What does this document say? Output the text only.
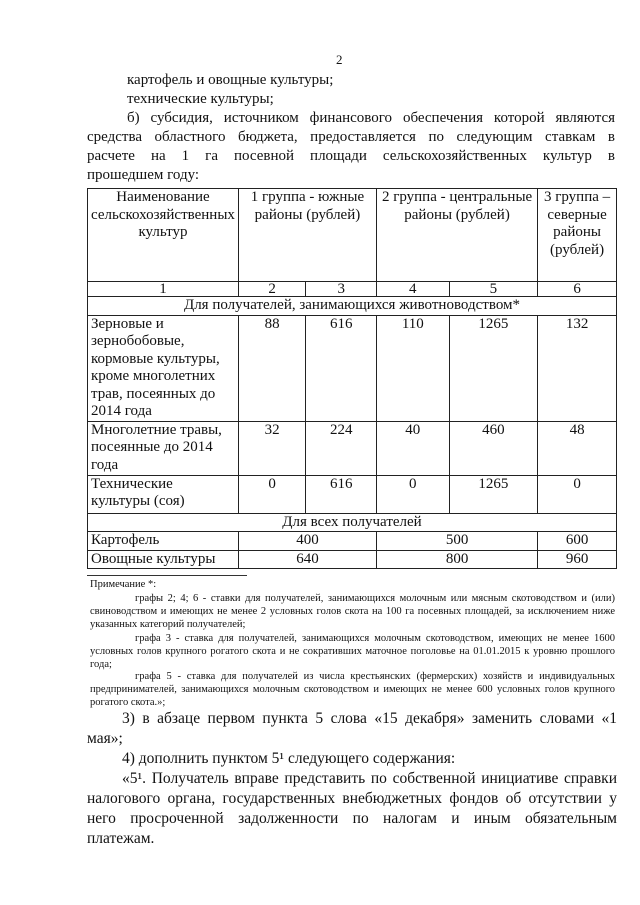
2
картофель и овощные культуры;
технические культуры;
б) субсидия, источником финансового обеспечения которой являются
средства областного бюджета, предоставляется по следующим ставкам в
расчете на 1 га посевной площади сельскохозяйственных культур в
прошедшем году:
Наименование сельскохозяйственных культур	1 группа - южные районы (рублей)		2 группа - центральные районы (рублей)		3 группа – северные районы (рублей)
1	2	3	4	5	6
Для получателей, занимающихся животноводством*					
Зерновые и зернобобовые, кормовые культуры, кроме многолетних трав, посеянных до 2014 года	88	616	110	1265	132
Многолетние травы, посеянные до 2014 года	32	224	40	460	48
Технические культуры (соя)	0	616	0	1265	0
Для всех получателей					
Картофель	400		500		600
Овощные культуры	640		800		960
Примечание *:
графы 2; 4; 6 - ставки для получателей, занимающихся молочным или мясным скотоводством и (или) свиноводством и имеющих не менее 2 условных голов скота на 100 га посевных площадей, за исключением ниже указанных категорий получателей;
графа 3 - ставка для получателей, занимающихся молочным скотоводством, имеющих не менее 1600 условных голов крупного рогатого скота и не сокративших маточное поголовье на 01.01.2015 к уровню прошлого года;
графа 5 - ставка для получателей из числа крестьянских (фермерских) хозяйств и индивидуальных предпринимателей, занимающихся молочным скотоводством и имеющих не менее 600 условных голов крупного рогатого скота.»;
3) в абзаце первом пункта 5 слова «15 декабря» заменить словами «1
мая»;
4) дополнить пунктом 5¹ следующего содержания:
«5¹. Получатель вправе представить по собственной инициативе справки
налогового органа, государственных внебюджетных фондов об отсутствии у
него просроченной задолженности по налогам и иным обязательным
платежам.
